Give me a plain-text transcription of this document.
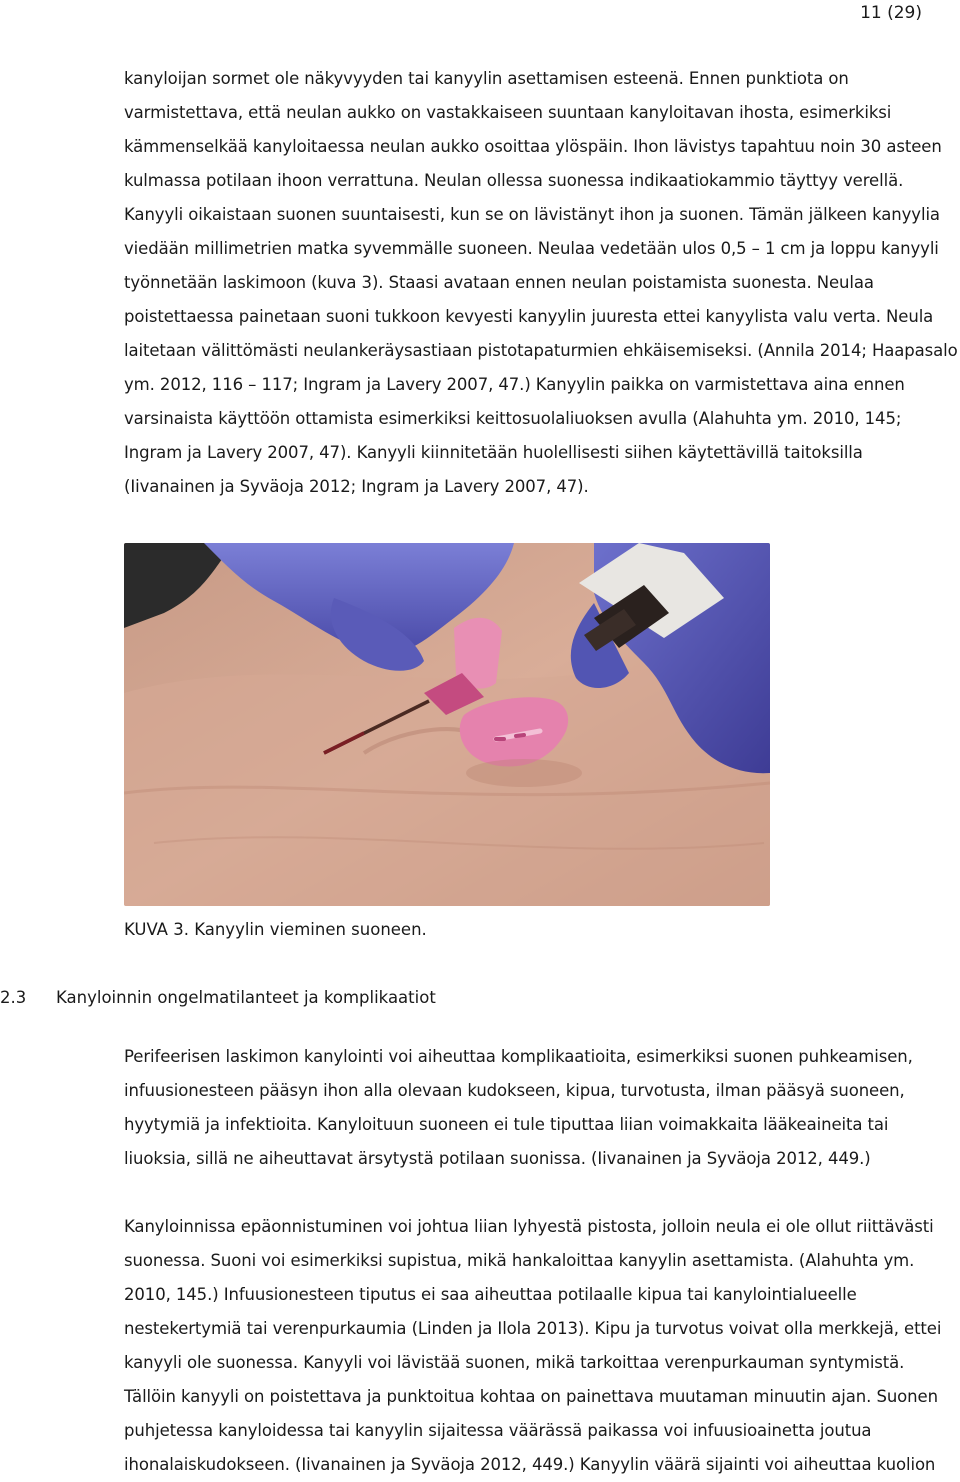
11 (29)

kanyloijan sormet ole näkyvyyden tai kanyylin asettamisen esteenä. Ennen punktiota on
varmistettava, että neulan aukko on vastakkaiseen suuntaan kanyloitavan ihosta, esimerkiksi
kämmenselkää kanyloitaessa neulan aukko osoittaa ylöspäin. Ihon lävistys tapahtuu noin 30 asteen
kulmassa potilaan ihoon verrattuna. Neulan ollessa suonessa indikaatiokammio täyttyy verellä.
Kanyyli oikaistaan suonen suuntaisesti, kun se on lävistänyt ihon ja suonen. Tämän jälkeen kanyylia
viedään millimetrien matka syvemmälle suoneen. Neulaa vedetään ulos 0,5 – 1 cm ja loppu kanyyli
työnnetään laskimoon (kuva 3). Staasi avataan ennen neulan poistamista suonesta. Neulaa
poistettaessa painetaan suoni tukkoon kevyesti kanyylin juuresta ettei kanyylista valu verta. Neula
laitetaan välittömästi neulankeräysastiaan pistotapaturmien ehkäisemiseksi. (Annila 2014; Haapasalo
ym. 2012, 116 – 117; Ingram ja Lavery 2007, 47.) Kanyylin paikka on varmistettava aina ennen
varsinaista käyttöön ottamista esimerkiksi keittosuolaliuoksen avulla (Alahuhta ym. 2010, 145;
Ingram ja Lavery 2007, 47). Kanyyli kiinnitetään huolellisesti siihen käytettävillä taitoksilla
(Iivanainen ja Syväoja 2012; Ingram ja Lavery 2007, 47).

KUVA 3. Kanyylin vieminen suoneen.
2.3 Kanyloinnin ongelmatilanteet ja komplikaatiot

Perifeerisen laskimon kanylointi voi aiheuttaa komplikaatioita, esimerkiksi suonen puhkeamisen,
infuusionesteen pääsyn ihon alla olevaan kudokseen, kipua, turvotusta, ilman pääsyä suoneen,
hyytymiä ja infektioita. Kanyloituun suoneen ei tule tiputtaa liian voimakkaita lääkeaineita tai
liuoksia, sillä ne aiheuttavat ärsytystä potilaan suonissa. (Iivanainen ja Syväoja 2012, 449.)

Kanyloinnissa epäonnistuminen voi johtua liian lyhyestä pistosta, jolloin neula ei ole ollut riittävästi
suonessa. Suoni voi esimerkiksi supistua, mikä hankaloittaa kanyylin asettamista. (Alahuhta ym.
2010, 145.) Infuusionesteen tiputus ei saa aiheuttaa potilaalle kipua tai kanylointialueelle
nestekertymiä tai verenpurkaumia (Linden ja Ilola 2013). Kipu ja turvotus voivat olla merkkejä, ettei
kanyyli ole suonessa. Kanyyli voi lävistää suonen, mikä tarkoittaa verenpurkauman syntymistä.
Tällöin kanyyli on poistettava ja punktoitua kohtaa on painettava muutaman minuutin ajan. Suonen
puhjetessa kanyloidessa tai kanyylin sijaitessa väärässä paikassa voi infuusioainetta joutua
ihonalaiskudokseen. (Iivanainen ja Syväoja 2012, 449.) Kanyylin väärä sijainti voi aiheuttaa kuolion
